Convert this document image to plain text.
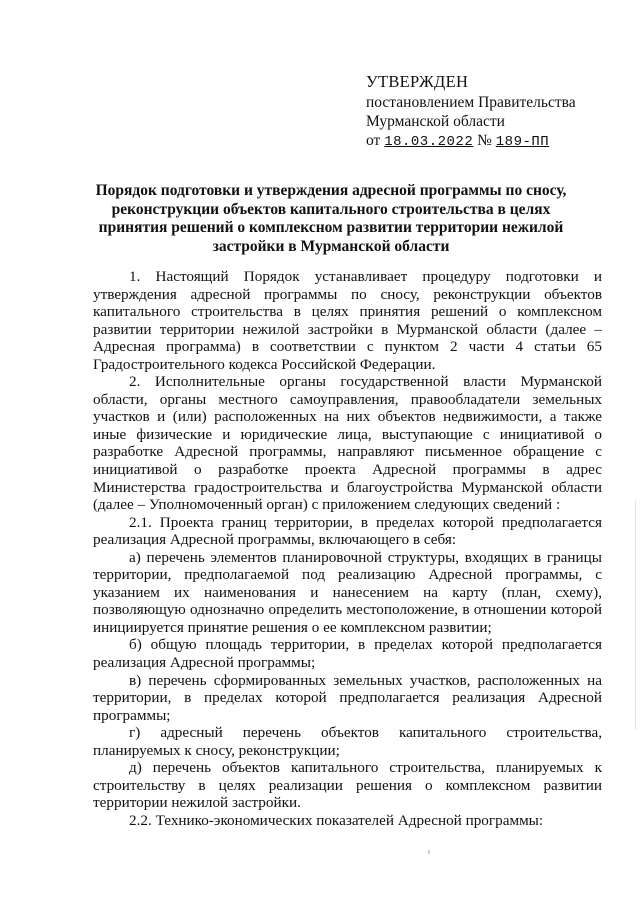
УТВЕРЖДЕН
постановлением Правительства
Мурманской области
от 18.03.2022 № 189-ПП
Порядок подготовки и утверждения адресной программы по сносу, реконструкции объектов капитального строительства в целях принятия решений о комплексном развитии территории нежилой застройки в Мурманской области

1. Настоящий Порядок устанавливает процедуру подготовки и утверждения адресной программы по сносу, реконструкции объектов капитального строительства в целях принятия решений о комплексном развитии территории нежилой застройки в Мурманской области (далее – Адресная программа) в соответствии с пунктом 2 части 4 статьи 65 Градостроительного кодекса Российской Федерации.

2. Исполнительные органы государственной власти Мурманской области, органы местного самоуправления, правообладатели земельных участков и (или) расположенных на них объектов недвижимости, а также иные физические и юридические лица, выступающие с инициативой о разработке Адресной программы, направляют письменное обращение с инициативой о разработке проекта Адресной программы в адрес Министерства градостроительства и благоустройства Мурманской области (далее – Уполномоченный орган) с приложением следующих сведений :

2.1. Проекта границ территории, в пределах которой предполагается реализация Адресной программы, включающего в себя:

а) перечень элементов планировочной структуры, входящих в границы территории, предполагаемой под реализацию Адресной программы, с указанием их наименования и нанесением на карту (план, схему), позволяющую однозначно определить местоположение, в отношении которой инициируется принятие решения о ее комплексном развитии;

б) общую площадь территории, в пределах которой предполагается реализация Адресной программы;

в) перечень сформированных земельных участков, расположенных на территории, в пределах которой предполагается реализация Адресной программы;

г) адресный перечень объектов капитального строительства, планируемых к сносу, реконструкции;

д) перечень объектов капитального строительства, планируемых к строительству в целях реализации решения о комплексном развитии территории нежилой застройки.

2.2. Технико-экономических показателей Адресной программы:
